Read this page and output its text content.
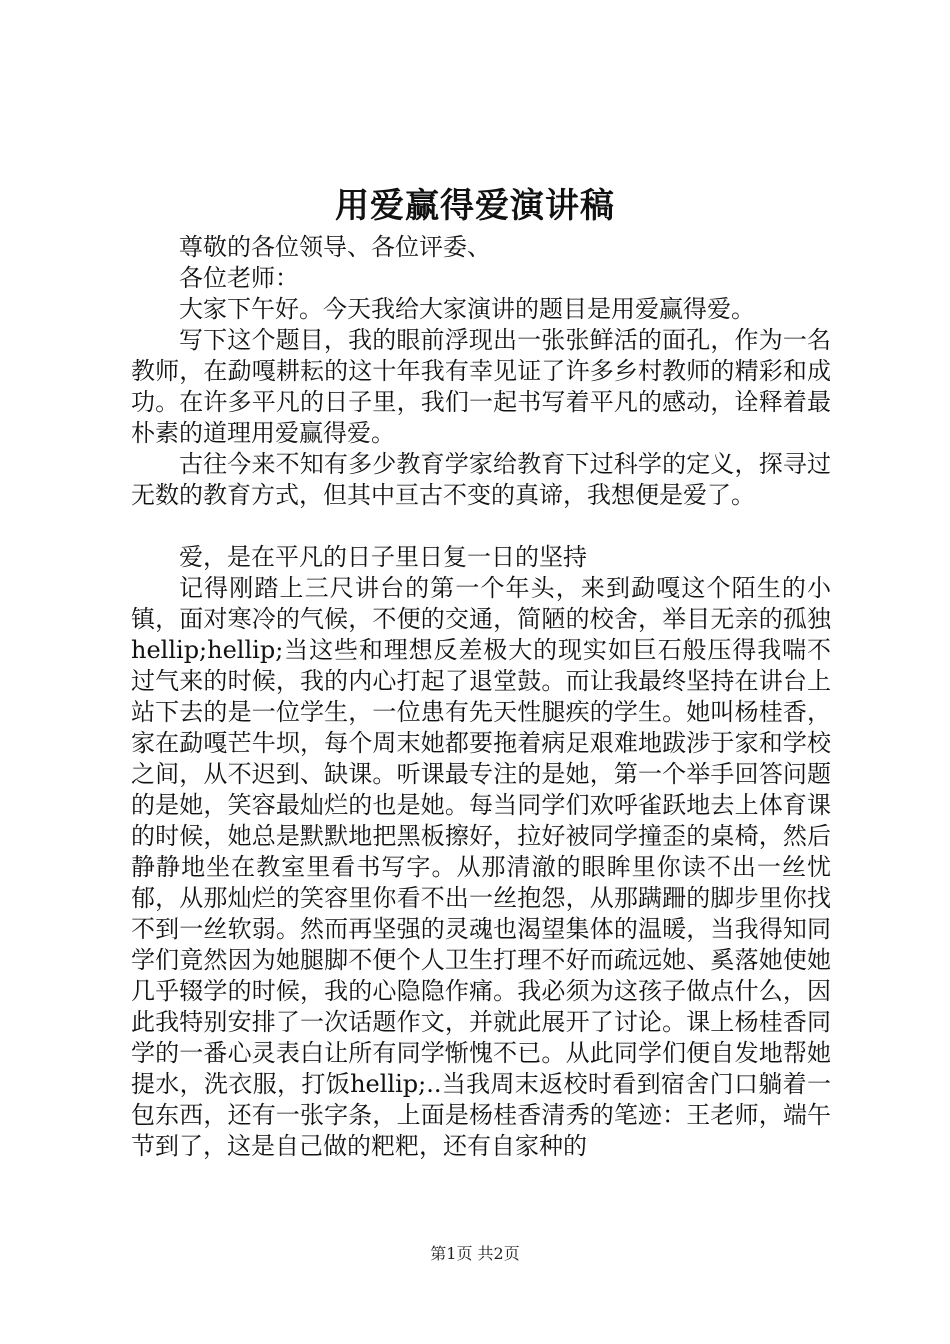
用爱赢得爱演讲稿

尊敬的各位领导、各位评委、

各位老师：

大家下午好。今天我给大家演讲的题目是用爱赢得爱。

写下这个题目，我的眼前浮现出一张张鲜活的面孔，作为一名教师，在勐嘎耕耘的这十年我有幸见证了许多乡村教师的精彩和成功。在许多平凡的日子里，我们一起书写着平凡的感动，诠释着最朴素的道理用爱赢得爱。

古往今来不知有多少教育学家给教育下过科学的定义，探寻过无数的教育方式，但其中亘古不变的真谛，我想便是爱了。

爱，是在平凡的日子里日复一日的坚持

记得刚踏上三尺讲台的第一个年头，来到勐嘎这个陌生的小镇，面对寒冷的气候，不便的交通，简陋的校舍，举目无亲的孤独hellip;hellip;当这些和理想反差极大的现实如巨石般压得我喘不过气来的时候，我的内心打起了退堂鼓。而让我最终坚持在讲台上站下去的是一位学生，一位患有先天性腿疾的学生。她叫杨桂香，家在勐嘎芒牛坝，每个周末她都要拖着病足艰难地跋涉于家和学校之间，从不迟到、缺课。听课最专注的是她，第一个举手回答问题的是她，笑容最灿烂的也是她。每当同学们欢呼雀跃地去上体育课的时候，她总是默默地把黑板擦好，拉好被同学撞歪的桌椅，然后静静地坐在教室里看书写字。从那清澈的眼眸里你读不出一丝忧郁，从那灿烂的笑容里你看不出一丝抱怨，从那蹒跚的脚步里你找不到一丝软弱。然而再坚强的灵魂也渴望集体的温暖，当我得知同学们竟然因为她腿脚不便个人卫生打理不好而疏远她、奚落她使她几乎辍学的时候，我的心隐隐作痛。我必须为这孩子做点什么，因此我特别安排了一次话题作文，并就此展开了讨论。课上杨桂香同学的一番心灵表白让所有同学惭愧不已。从此同学们便自发地帮她提水，洗衣服，打饭hellip;..当我周末返校时看到宿舍门口躺着一包东西，还有一张字条，上面是杨桂香清秀的笔迹：王老师，端午节到了，这是自己做的粑粑，还有自家种的

第1页 共2页
